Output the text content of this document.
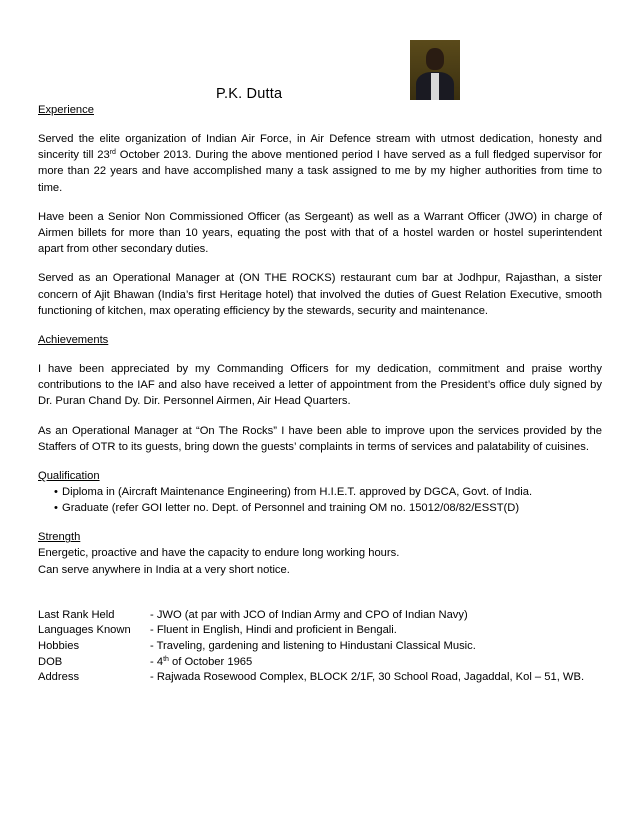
P.K. Dutta
Experience

Served the elite organization of Indian Air Force, in Air Defence stream with utmost dedication, honesty and sincerity till 23rd October 2013. During the above mentioned period I have served as a full fledged supervisor for more than 22 years and have accomplished many a task assigned to me by my higher authorities from time to time.

Have been a Senior Non Commissioned Officer (as Sergeant) as well as a Warrant Officer (JWO) in charge of Airmen billets for more than 10 years, equating the post with that of a hostel warden or hostel superintendent apart from other secondary duties.

Served as an Operational Manager at (ON THE ROCKS) restaurant cum bar at Jodhpur, Rajasthan, a sister concern of Ajit Bhawan (India’s first Heritage hotel) that involved the duties of Guest Relation Executive, smooth functioning of kitchen, max operating efficiency by the stewards, security and maintenance.

Achievements

I have been appreciated by my Commanding Officers for my dedication, commitment and praise worthy contributions to the IAF and also have received a letter of appointment from the President’s office duly signed by Dr. Puran Chand Dy. Dir. Personnel Airmen, Air Head Quarters.

As an Operational Manager at “On The Rocks” I have been able to improve upon the services provided by the Staffers of OTR to its guests, bring down the guests’ complaints in terms of services and palatability of cuisines.

Qualification
Diploma in (Aircraft Maintenance Engineering) from H.I.E.T. approved by DGCA, Govt. of India.
Graduate (refer GOI letter no. Dept. of Personnel and training OM no. 15012/08/82/ESST(D)
Strength
Energetic, proactive and have the capacity to endure long working hours.
Can serve anywhere in India at a very short notice.
Last Rank Held	- JWO (at par with JCO of Indian Army and CPO of Indian Navy)
Languages Known	- Fluent in English, Hindi and proficient in Bengali.
Hobbies	- Traveling, gardening and listening to Hindustani Classical Music.
DOB	- 4th of October 1965
Address	- Rajwada Rosewood Complex, BLOCK 2/1F, 30 School Road, Jagaddal, Kol – 51, WB.
